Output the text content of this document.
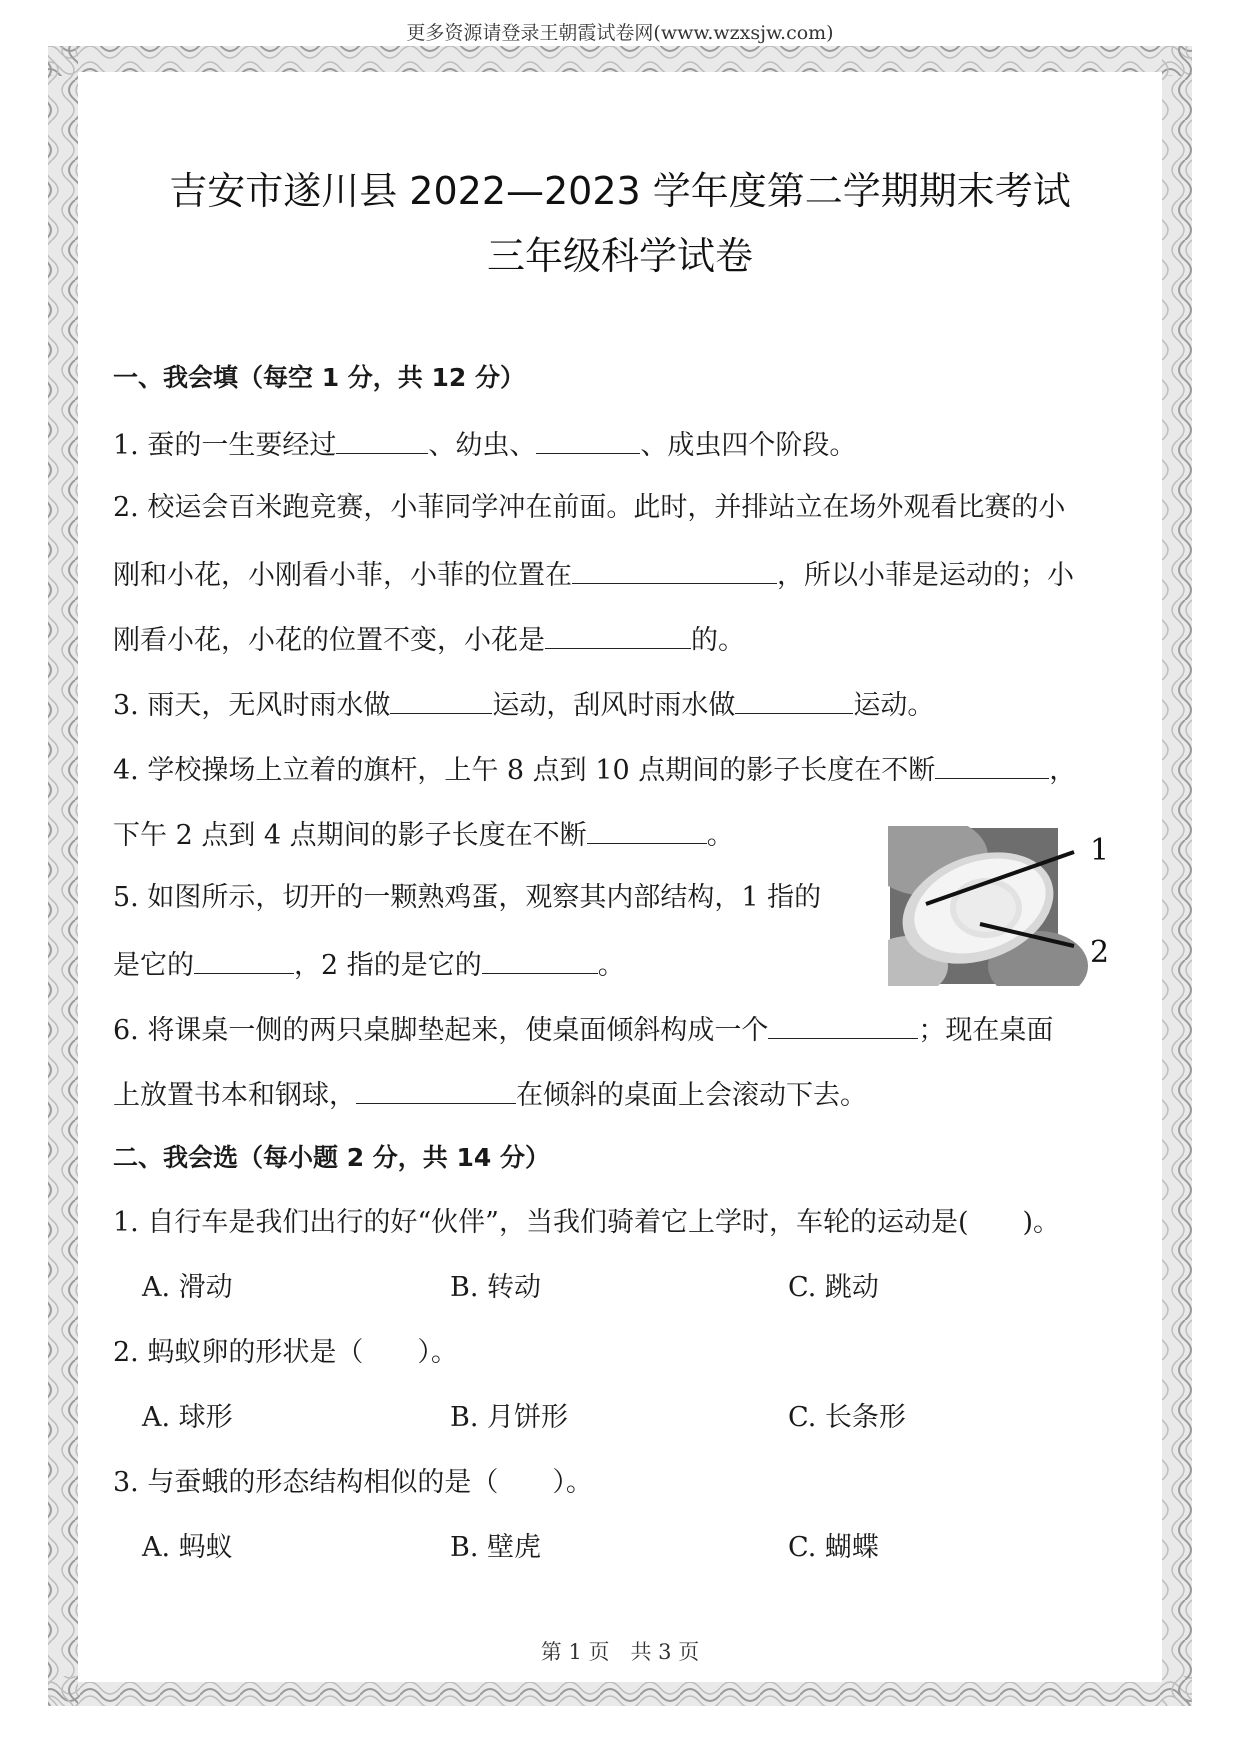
更多资源请登录王朝霞试卷网(www.wzxsjw.com)
吉安市遂川县 2022—2023 学年度第二学期期末考试
三年级科学试卷
一、我会填（每空 1 分，共 12 分）
1. 蚕的一生要经过	、幼虫、	、成虫四个阶段。
2. 校运会百米跑竞赛，小菲同学冲在前面。此时，并排站立在场外观看比赛的小
刚和小花，小刚看小菲，小菲的位置在	，所以小菲是运动的；小
刚看小花，小花的位置不变，小花是	的。
3. 雨天，无风时雨水做	运动，刮风时雨水做	运动。
4. 学校操场上立着的旗杆，上午 8 点到 10 点期间的影子长度在不断	，
下午 2 点到 4 点期间的影子长度在不断	。
5. 如图所示，切开的一颗熟鸡蛋，观察其内部结构，1 指的
是它的	，2 指的是它的	。
1
2
6. 将课桌一侧的两只桌脚垫起来，使桌面倾斜构成一个	；现在桌面
上放置书本和钢球，	在倾斜的桌面上会滚动下去。
二、我会选（每小题 2 分，共 14 分）
1. 自行车是我们出行的好“伙伴”，当我们骑着它上学时，车轮的运动是(　　)。
A. 滑动	B. 转动	C. 跳动
2. 蚂蚁卵的形状是（　　）。
A. 球形	B. 月饼形	C. 长条形
3. 与蚕蛾的形态结构相似的是（　　）。
A. 蚂蚁	B. 壁虎	C. 蝴蝶
第 1 页　共 3 页
